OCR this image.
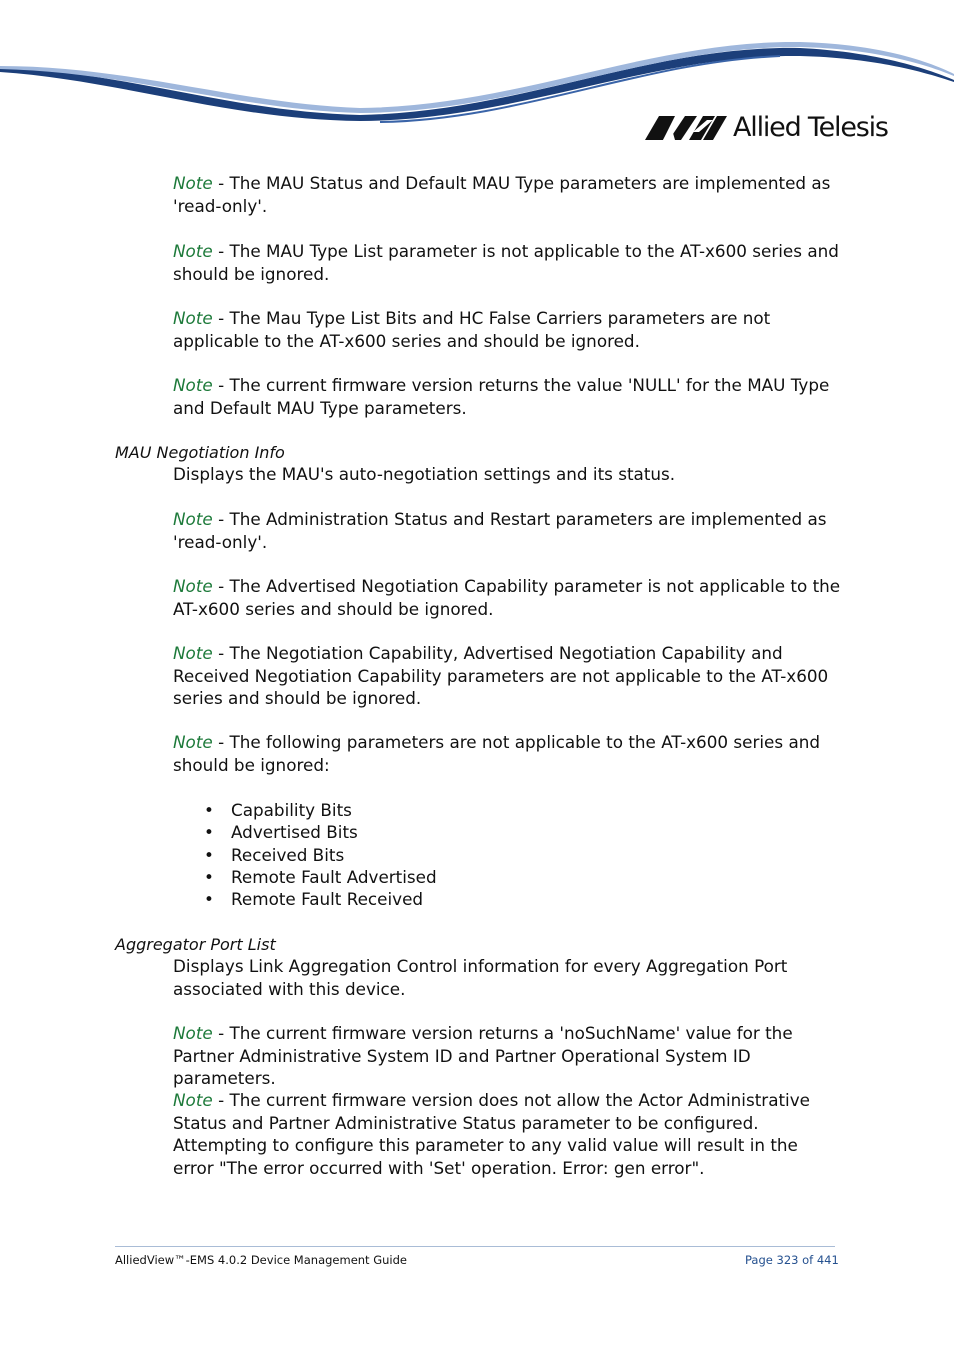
Allied Telesis
Note - The MAU Status and Default MAU Type parameters are implemented as 'read-only'.
Note - The MAU Type List parameter is not applicable to the AT-x600 series and should be ignored.
Note - The Mau Type List Bits and HC False Carriers parameters are not applicable to the AT-x600 series and should be ignored.
Note - The current firmware version returns the value 'NULL' for the MAU Type and Default MAU Type parameters.
MAU Negotiation Info
Displays the MAU's auto-negotiation settings and its status.
Note - The Administration Status and Restart parameters are implemented as 'read-only'.
Note - The Advertised Negotiation Capability parameter is not applicable to the AT-x600 series and should be ignored.
Note - The Negotiation Capability, Advertised Negotiation Capability and Received Negotiation Capability parameters are not applicable to the AT-x600 series and should be ignored.
Note - The following parameters are not applicable to the AT-x600 series and should be ignored:
• Capability Bits
• Advertised Bits
• Received Bits
• Remote Fault Advertised
• Remote Fault Received
Aggregator Port List
Displays Link Aggregation Control information for every Aggregation Port associated with this device.
Note - The current firmware version returns a 'noSuchName' value for the Partner Administrative System ID and Partner Operational System ID parameters.
Note - The current firmware version does not allow the Actor Administrative Status and Partner Administrative Status parameter to be configured. Attempting to configure this parameter to any valid value will result in the error "The error occurred with 'Set' operation. Error: gen error".
AlliedView™-EMS 4.0.2 Device Management Guide	Page 323 of 441
